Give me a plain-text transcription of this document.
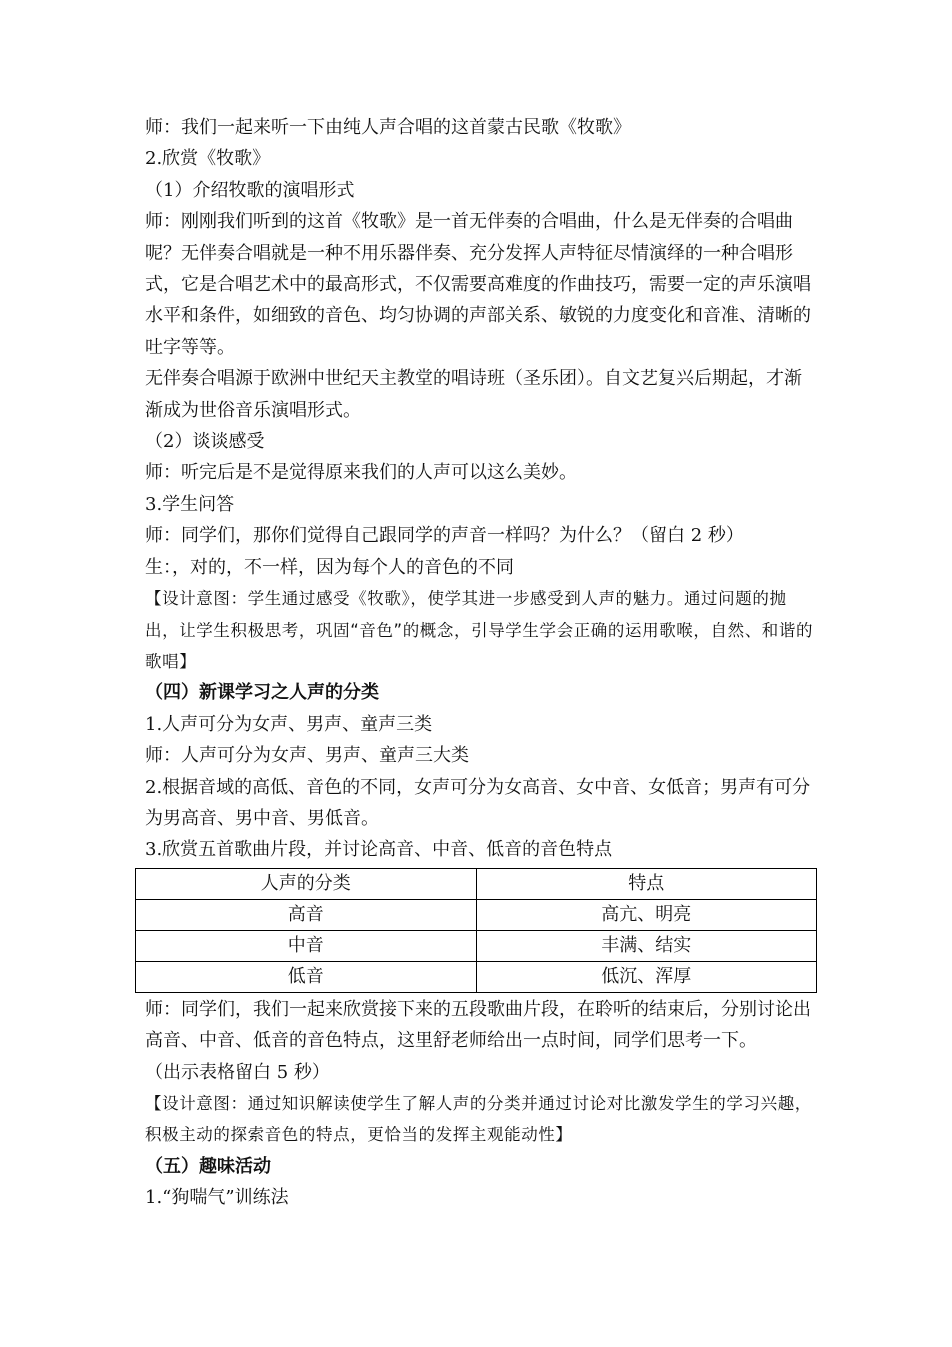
师：我们一起来听一下由纯人声合唱的这首蒙古民歌《牧歌》

2.欣赏《牧歌》

（1）介绍牧歌的演唱形式

师：刚刚我们听到的这首《牧歌》是一首无伴奏的合唱曲，什么是无伴奏的合唱曲呢？无伴奏合唱就是一种不用乐器伴奏、充分发挥人声特征尽情演绎的一种合唱形式，它是合唱艺术中的最高形式，不仅需要高难度的作曲技巧，需要一定的声乐演唱水平和条件，如细致的音色、均匀协调的声部关系、敏锐的力度变化和音准、清晰的吐字等等。

无伴奏合唱源于欧洲中世纪天主教堂的唱诗班（圣乐团）。自文艺复兴后期起，才渐渐成为世俗音乐演唱形式。

（2）谈谈感受

师：听完后是不是觉得原来我们的人声可以这么美妙。

3.学生问答

师：同学们，那你们觉得自己跟同学的声音一样吗？为什么？（留白 2 秒）

生：，对的，不一样，因为每个人的音色的不同

【设计意图：学生通过感受《牧歌》，使学其进一步感受到人声的魅力。通过问题的抛出，让学生积极思考，巩固“音色”的概念，引导学生学会正确的运用歌喉，自然、和谐的歌唱】

（四）新课学习之人声的分类

1.人声可分为女声、男声、童声三类

师：人声可分为女声、男声、童声三大类

2.根据音域的高低、音色的不同，女声可分为女高音、女中音、女低音；男声有可分为男高音、男中音、男低音。

3.欣赏五首歌曲片段，并讨论高音、中音、低音的音色特点

人声的分类	特点
高音	高亢、明亮
中音	丰满、结实
低音	低沉、浑厚

师：同学们，我们一起来欣赏接下来的五段歌曲片段，在聆听的结束后，分别讨论出高音、中音、低音的音色特点，这里舒老师给出一点时间，同学们思考一下。

（出示表格留白 5 秒）

【设计意图：通过知识解读使学生了解人声的分类并通过讨论对比激发学生的学习兴趣，积极主动的探索音色的特点，更恰当的发挥主观能动性】

（五）趣味活动

1.“狗喘气”训练法
